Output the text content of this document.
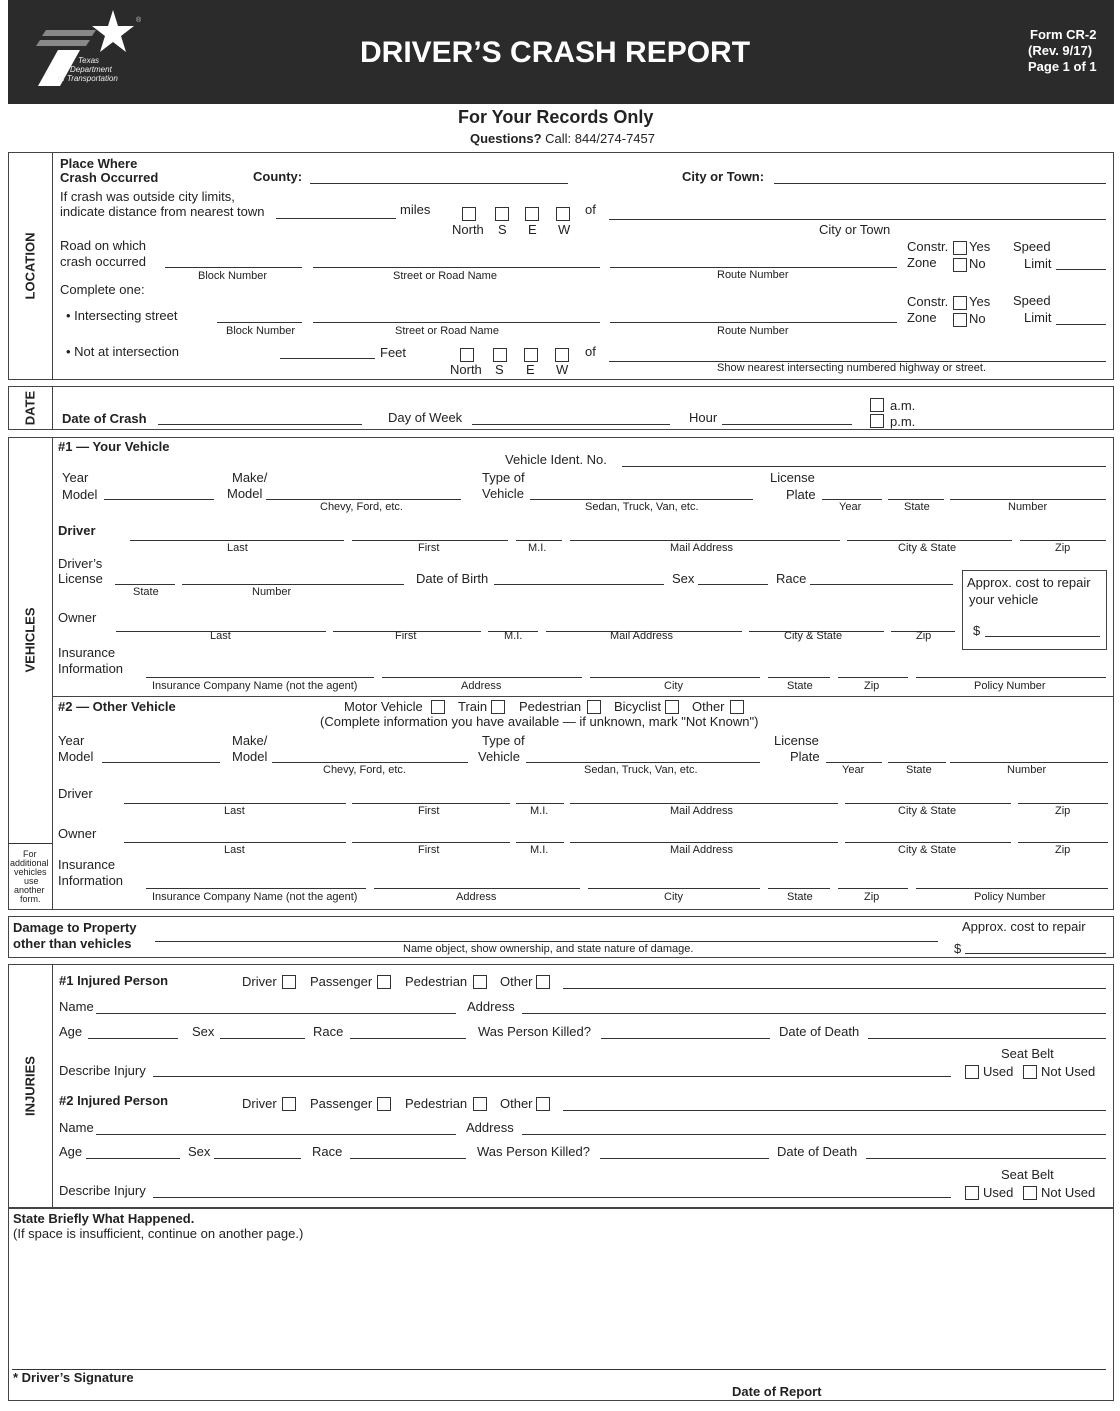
®
Texas
Department
of Transportation
DRIVER’S CRASH REPORT
Form CR-2
(Rev. 9/17)
Page 1 of 1
For Your Records Only
Questions? Call: 844/274-7457
LOCATION
Place Where
Crash Occurred	County:	City or Town:
If crash was outside city limits,
indicate distance from nearest town	miles
North S E W
of
City or Town
Road on which
crash occurred
Block Number	Street or Road Name	Route Number
Constr.
Zone
Yes
No
Speed
Limit
Complete one:
• Intersecting street
Block Number	Street or Road Name	Route Number
Constr.
Zone
Yes
No
Speed
Limit
• Not at intersection	Feet
North S E W
of
Show nearest intersecting numbered highway or street.
DATE Date of Crash	Day of Week	Hour
a.m.
p.m.
VEHICLES
For
additional
vehicles
use
another
form.
#1 — Your Vehicle
Vehicle Ident. No.
Year
Model
Make/
Model
Chevy, Ford, etc.
Type of
Vehicle
Sedan, Truck, Van, etc.
License
Plate
Year	State	Number
Driver
Last	First	M.I.	Mail Address	City & State	Zip
Driver’s
License
State	Number
Date of Birth	Sex	Race	Approx. cost to repair
your vehicle
$
Owner
Last	First	M.I.	Mail Address	City & State	Zip
Insurance
Information
Insurance Company Name (not the agent)	Address	City	State	Zip	Policy Number
#2 — Other Vehicle	Motor Vehicle	Train Pedestrian	Bicyclist Other
(Complete information you have available — if unknown, mark "Not Known")
Year
Model
Make/
Model
Chevy, Ford, etc.
Type of
Vehicle
Sedan, Truck, Van, etc.
License
Plate
Year	State	Number
Driver
Last	First	M.I.	Mail Address	City & State	Zip
Owner
Last	First	M.I.	Mail Address	City & State	Zip
Insurance
Information
Insurance Company Name (not the agent)	Address	City	State	Zip	Policy Number
Damage to Property
other than vehicles	Name object, show ownership, and state nature of damage.
Approx. cost to repair
$
INJURIES
#1 Injured Person	Driver	Passenger	Pedestrian	Other
Name	Address
Age	Sex	Race	Was Person Killed?	Date of Death
Seat Belt
Describe Injury	Used Not Used
#2 Injured Person	Driver	Passenger	Pedestrian	Other
Name	Address
Age	Sex	Race	Was Person Killed?	Date of Death
Seat Belt
Describe Injury	Used Not Used
State Briefly What Happened.
(If space is insufficient, continue on another page.)
* Driver’s Signature
Date of Report
